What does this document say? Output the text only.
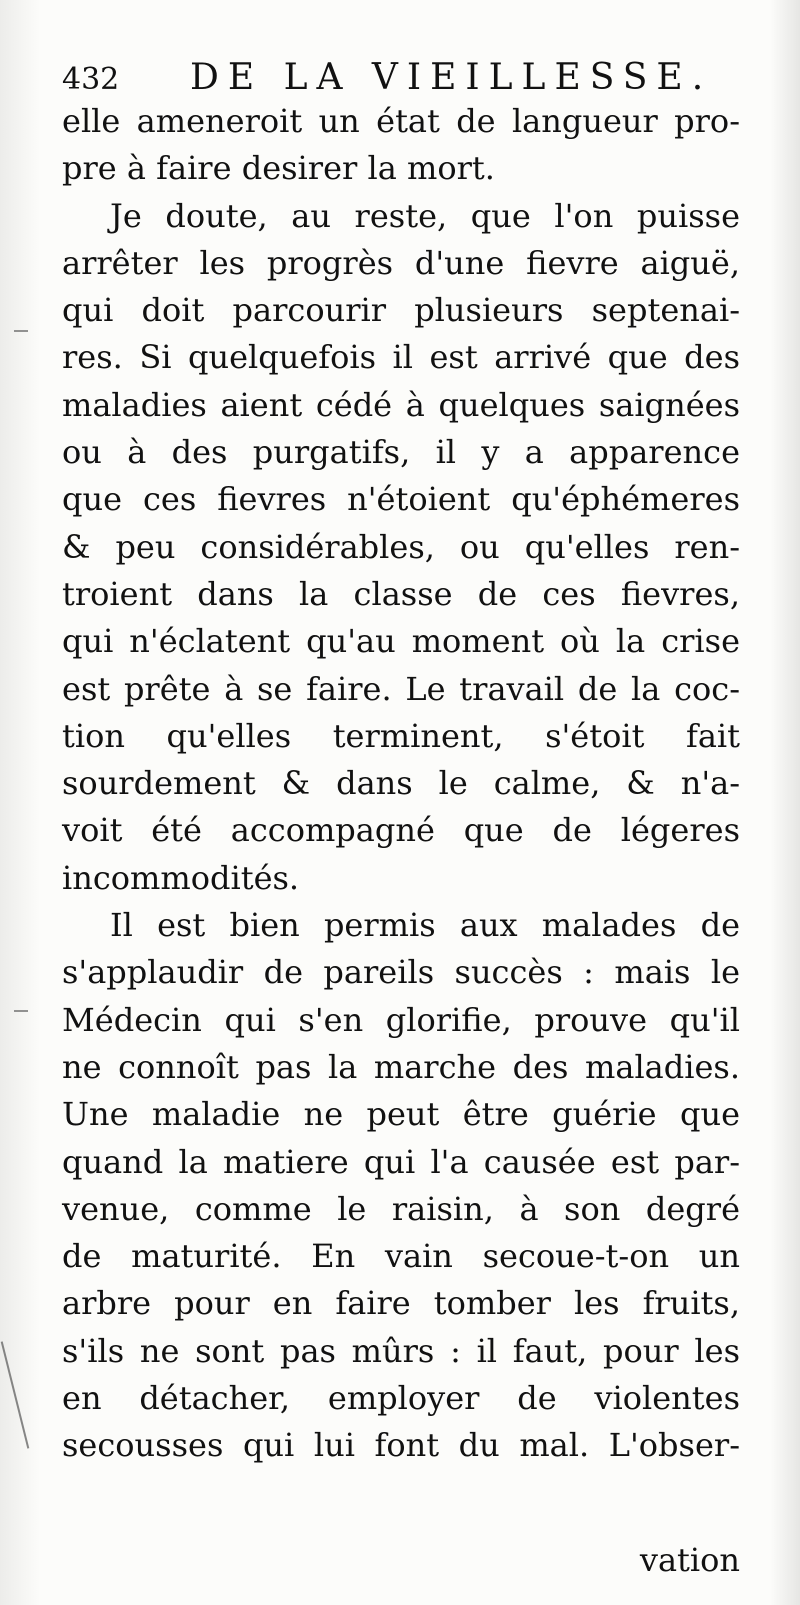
432 DE LA VIEILLESSE.
elle ameneroit un état de langueur pro-
pre à faire desirer la mort.
Je doute, au reste, que l'on puisse
arrêter les progrès d'une fievre aiguë,
qui doit parcourir plusieurs septenai-
res. Si quelquefois il est arrivé que des
maladies aient cédé à quelques saignées
ou à des purgatifs, il y a apparence
que ces fievres n'étoient qu'éphémeres
& peu considérables, ou qu'elles ren-
troient dans la classe de ces fievres,
qui n'éclatent qu'au moment où la crise
est prête à se faire. Le travail de la coc-
tion qu'elles terminent, s'étoit fait
sourdement & dans le calme, & n'a-
voit été accompagné que de légeres
incommodités.
Il est bien permis aux malades de
s'applaudir de pareils succès : mais le
Médecin qui s'en glorifie, prouve qu'il
ne connoît pas la marche des maladies.
Une maladie ne peut être guérie que
quand la matiere qui l'a causée est par-
venue, comme le raisin, à son degré
de maturité. En vain secoue-t-on un
arbre pour en faire tomber les fruits,
s'ils ne sont pas mûrs : il faut, pour les
en détacher, employer de violentes
secousses qui lui font du mal. L'obser-
vation
